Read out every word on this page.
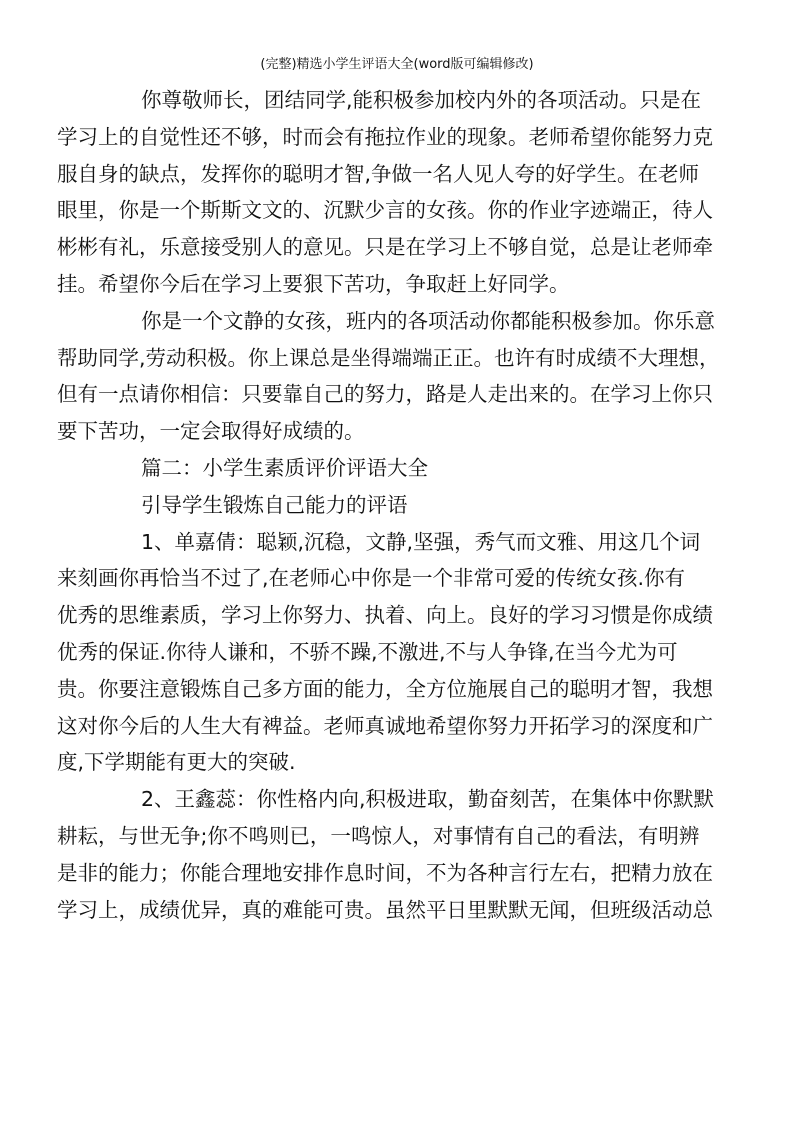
(完整)精选小学生评语大全(word版可编辑修改)
你尊敬师长，团结同学,能积极参加校内外的各项活动。只是在
学习上的自觉性还不够，时而会有拖拉作业的现象。老师希望你能努力克
服自身的缺点，发挥你的聪明才智,争做一名人见人夸的好学生。在老师
眼里，你是一个斯斯文文的、沉默少言的女孩。你的作业字迹端正，待人
彬彬有礼，乐意接受别人的意见。只是在学习上不够自觉，总是让老师牵
挂。希望你今后在学习上要狠下苦功，争取赶上好同学。
你是一个文静的女孩，班内的各项活动你都能积极参加。你乐意
帮助同学,劳动积极。你上课总是坐得端端正正。也许有时成绩不大理想，
但有一点请你相信：只要靠自己的努力，路是人走出来的。在学习上你只
要下苦功，一定会取得好成绩的。
篇二：小学生素质评价评语大全
引导学生锻炼自己能力的评语
1、单嘉倩：聪颖,沉稳，文静,坚强，秀气而文雅、用这几个词
来刻画你再恰当不过了,在老师心中你是一个非常可爱的传统女孩.你有
优秀的思维素质，学习上你努力、执着、向上。良好的学习习惯是你成绩
优秀的保证.你待人谦和，不骄不躁,不激进,不与人争锋,在当今尤为可
贵。你要注意锻炼自己多方面的能力，全方位施展自己的聪明才智，我想
这对你今后的人生大有裨益。老师真诚地希望你努力开拓学习的深度和广
度,下学期能有更大的突破.
2、王鑫蕊：你性格内向,积极进取，勤奋刻苦，在集体中你默默
耕耘，与世无争;你不鸣则已，一鸣惊人，对事情有自己的看法，有明辨
是非的能力；你能合理地安排作息时间，不为各种言行左右，把精力放在
学习上，成绩优异，真的难能可贵。虽然平日里默默无闻，但班级活动总
